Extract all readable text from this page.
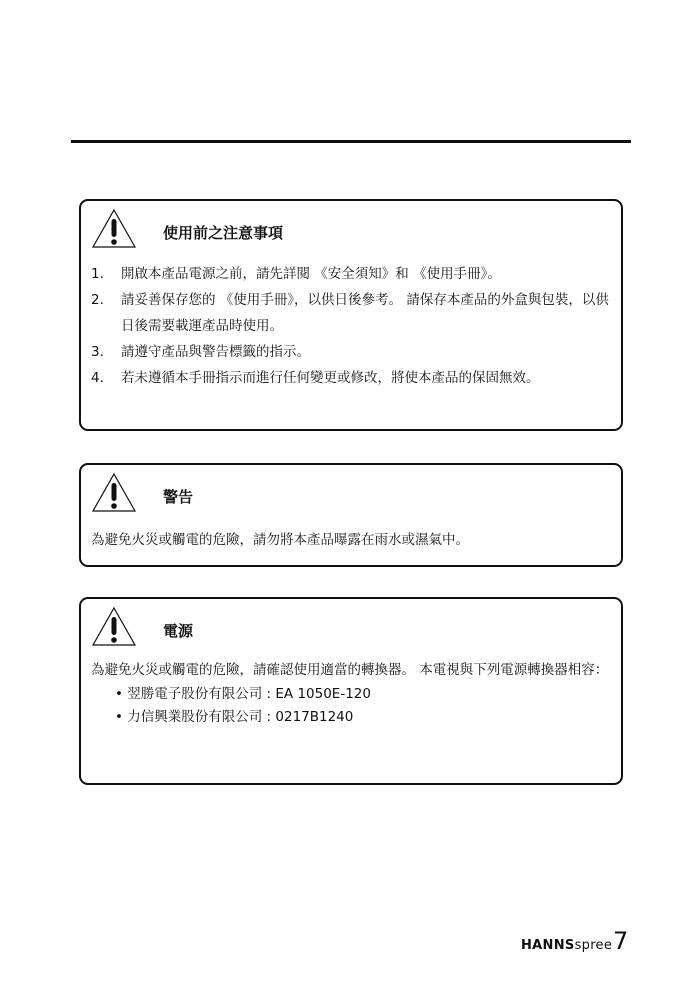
使用前之注意事項
1.	開啟本產品電源之前，請先詳閱 《安全須知》和 《使用手冊》。
2.	請妥善保存您的 《使用手冊》，以供日後參考。 請保存本產品的外盒與包裝，以供日後需要載運產品時使用。
3.	請遵守產品與警告標籤的指示。
4.	若未遵循本手冊指示而進行任何變更或修改，將使本產品的保固無效。
警告
為避免火災或觸電的危險，請勿將本產品曝露在雨水或濕氣中。
電源
為避免火災或觸電的危險，請確認使用適當的轉換器。 本電視與下列電源轉換器相容：
• 翌勝電子股份有限公司 : EA 1050E-120
• 力信興業股份有限公司 : 0217B1240
HANNSspree 7
